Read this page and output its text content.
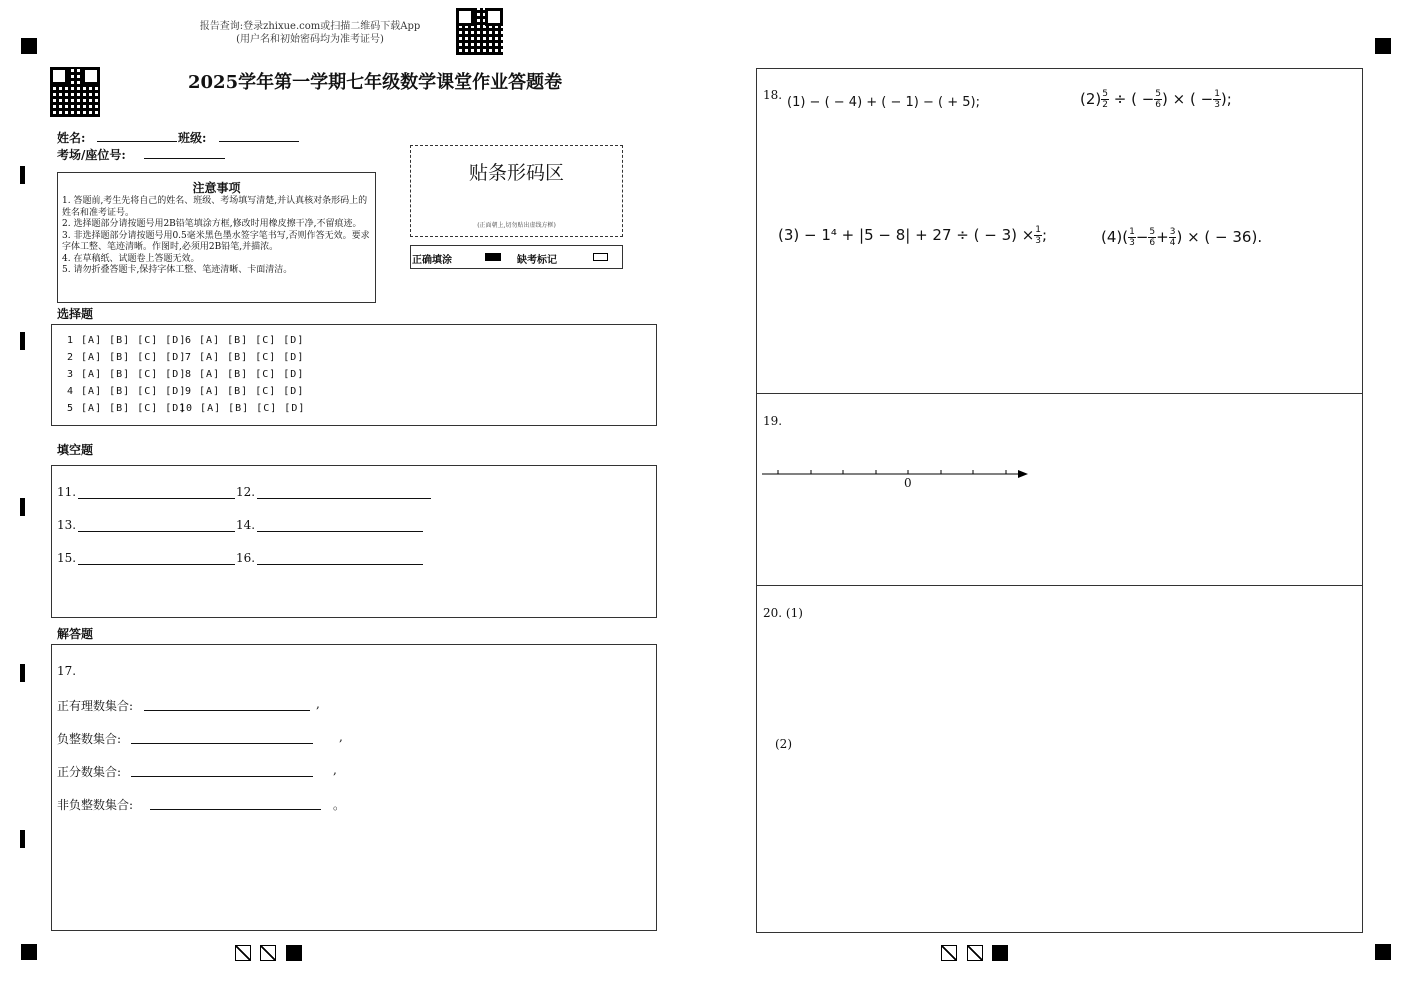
报告查询:登录zhixue.com或扫描二维码下载App
(用户名和初始密码均为准考证号)
2025学年第一学期七年级数学课堂作业答题卷
姓名:	班级:
考场/座位号:
注意事项
1. 答题前,考生先将自己的姓名、班级、考场填写清楚,并认真核对条形码上的姓名和准考证号。
2. 选择题部分请按题号用2B铅笔填涂方框,修改时用橡皮擦干净,不留痕迹。
3. 非选择题部分请按题号用0.5毫米黑色墨水签字笔书写,否则作答无效。要求字体工整、笔迹清晰。作图时,必须用2B铅笔,并描浓。
4. 在草稿纸、试题卷上答题无效。
5. 请勿折叠答题卡,保持字体工整、笔迹清晰、卡面清洁。
贴条形码区
(正面朝上,切勿贴出虚线方框)
正确填涂	缺考标记
选择题
1 [A] [B] [C] [D]
2 [A] [B] [C] [D]
3 [A] [B] [C] [D]
4 [A] [B] [C] [D]
5 [A] [B] [C] [D]
6 [A] [B] [C] [D]
7 [A] [B] [C] [D]
8 [A] [B] [C] [D]
9 [A] [B] [C] [D]
10 [A] [B] [C] [D]
填空题
11.	12.
13.	14.
15.	16.
解答题
17.
正有理数集合:	,
负整数集合:	,
正分数集合:	,
非负整数集合:	。
18. (1) − ( − 4) + ( − 1) − ( + 5);	$(2) \frac{5}{2}$ ÷ ( − $\frac{5}{6}$ ) × ( − $\frac{1}{3}$ );
(3) − 1⁴ + |5 − 8| + 27 ÷ ( − $3) \times \frac{1}{3}$ ;	$(4)( \frac{1}{3} - \frac{5}{6} + \frac{3}{4}$ ) × ( − 36).
19.
0
20. (1)
(2)
